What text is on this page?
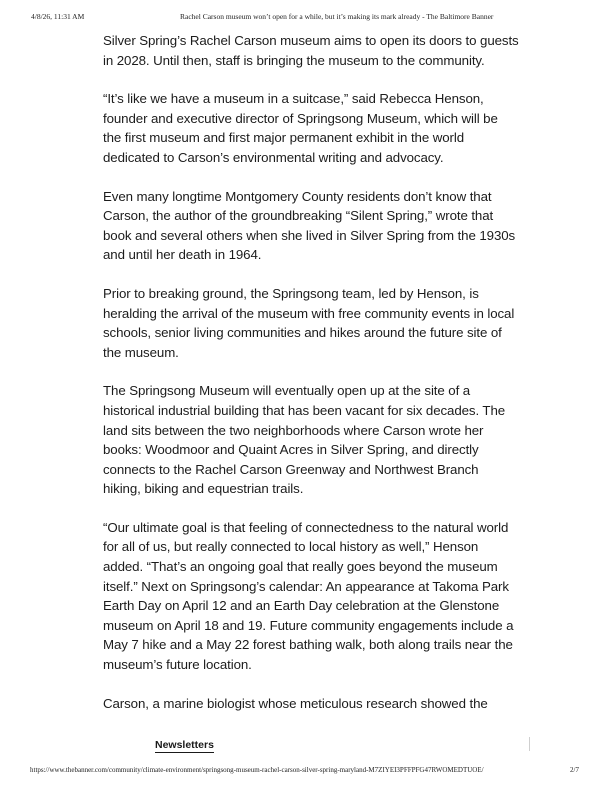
4/8/26, 11:31 AM	Rachel Carson museum won’t open for a while, but it’s making its mark already - The Baltimore Banner

Silver Spring’s Rachel Carson museum aims to open its doors to guests in 2028. Until then, staff is bringing the museum to the community.

“It’s like we have a museum in a suitcase,” said Rebecca Henson, founder and executive director of Springsong Museum, which will be the first museum and first major permanent exhibit in the world dedicated to Carson’s environmental writing and advocacy.

Even many longtime Montgomery County residents don’t know that Carson, the author of the groundbreaking “Silent Spring,” wrote that book and several others when she lived in Silver Spring from the 1930s and until her death in 1964.

Prior to breaking ground, the Springsong team, led by Henson, is heralding the arrival of the museum with free community events in local schools, senior living communities and hikes around the future site of the museum.

The Springsong Museum will eventually open up at the site of a historical industrial building that has been vacant for six decades. The land sits between the two neighborhoods where Carson wrote her books: Woodmoor and Quaint Acres in Silver Spring, and directly connects to the Rachel Carson Greenway and Northwest Branch hiking, biking and equestrian trails.

“Our ultimate goal is that feeling of connectedness to the natural world for all of us, but really connected to local history as well,” Henson added. “That’s an ongoing goal that really goes beyond the museum itself.” Next on Springsong’s calendar: An appearance at Takoma Park Earth Day on April 12 and an Earth Day celebration at the Glenstone museum on April 18 and 19. Future community engagements include a May 7 hike and a May 22 forest bathing walk, both along trails near the museum’s future location.

Carson, a marine biologist whose meticulous research showed the

Newsletters
https://www.thebanner.com/community/climate-environment/springsong-museum-rachel-carson-silver-spring-maryland-M7ZIYEI3PFFPFG47RWOMEDTUOE/	2/7
